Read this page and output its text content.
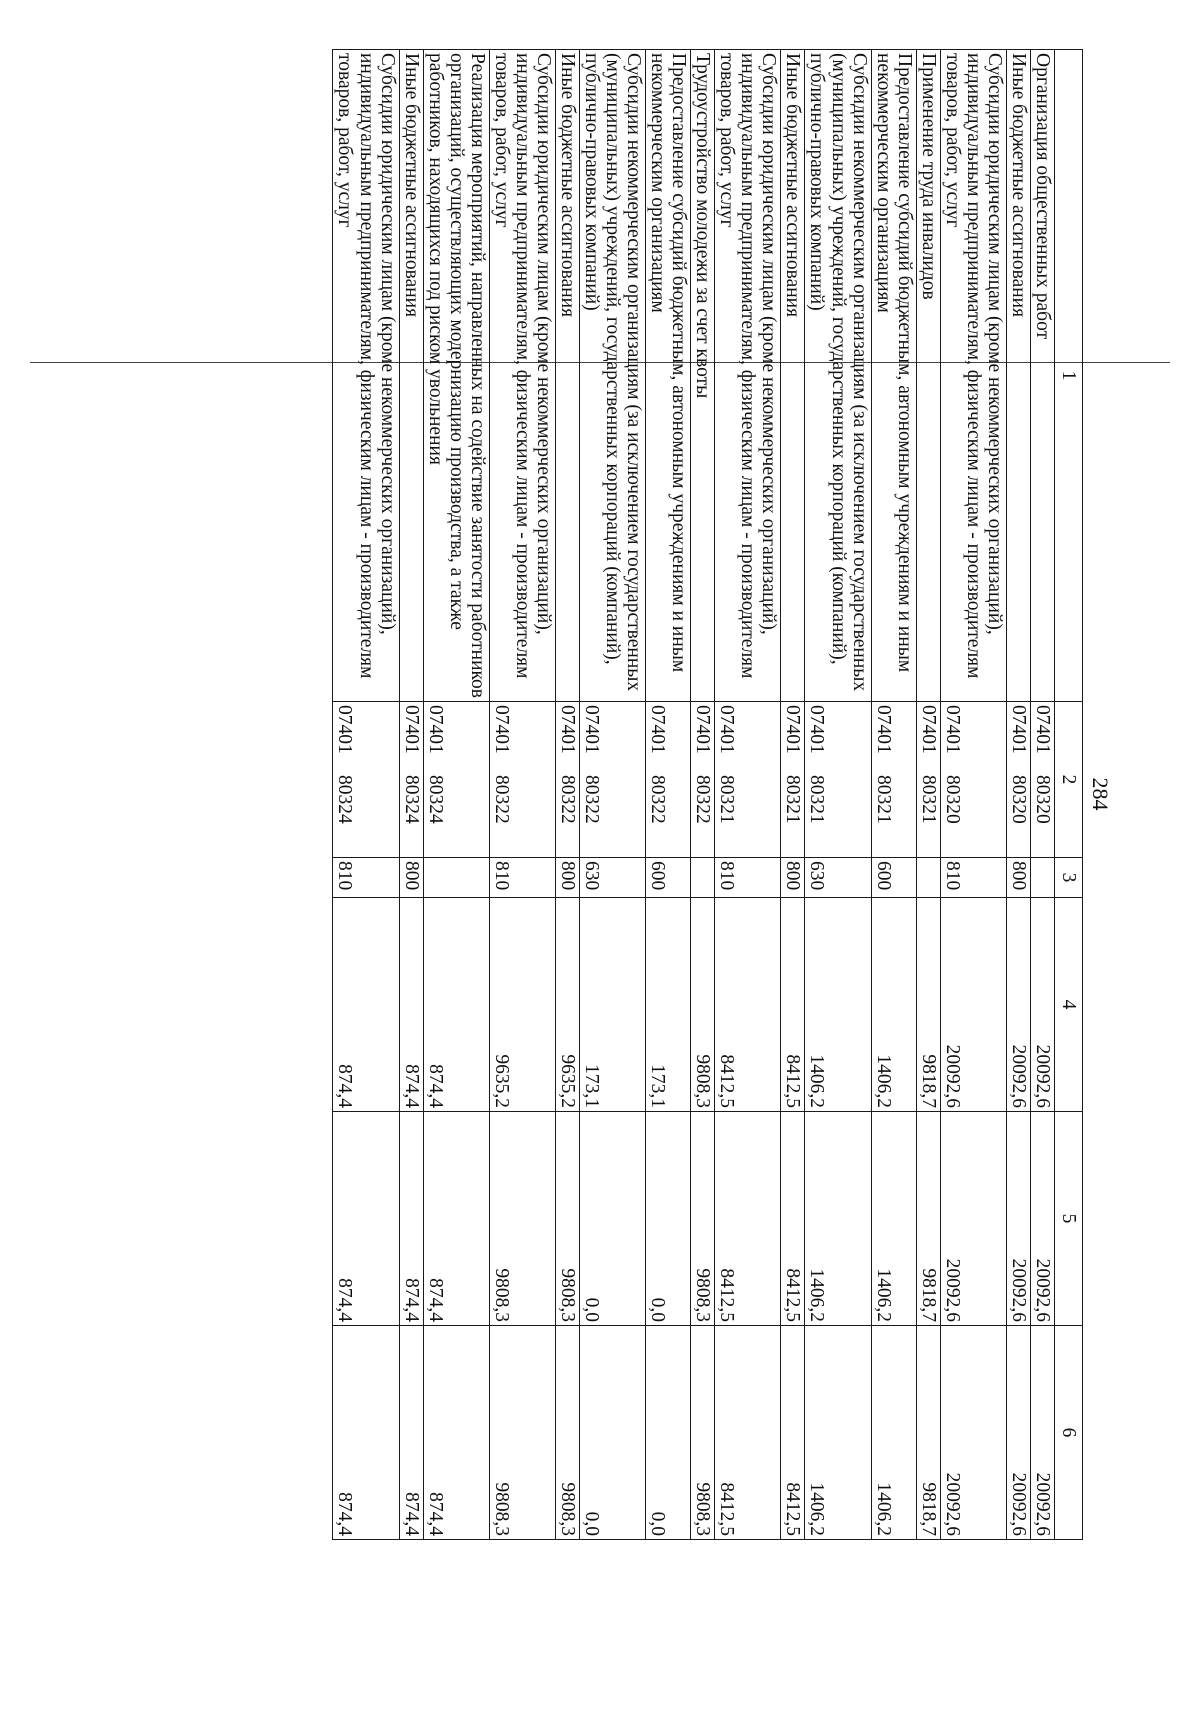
284
1	2	3	4	5	6
Организация общественных работ	0740180320		20092,6	20092,6	20092,6
Иные бюджетные ассигнования	0740180320	800	20092,6	20092,6	20092,6
Субсидии юридическим лицам (кроме некоммерческих организаций), индивидуальным предпринимателям, физическим лицам - производителям товаров, работ, услуг	0740180320	810	20092,6	20092,6	20092,6
Применение труда инвалидов	0740180321		9818,7	9818,7	9818,7
Предоставление субсидий бюджетным, автономным учреждениям и иным некоммерческим организациям	0740180321	600	1406,2	1406,2	1406,2
Субсидии некоммерческим организациям (за исключением государственных (муниципальных) учреждений, государственных корпораций (компаний), публично-правовых компаний)	0740180321	630	1406,2	1406,2	1406,2
Иные бюджетные ассигнования	0740180321	800	8412,5	8412,5	8412,5
Субсидии юридическим лицам (кроме некоммерческих организаций), индивидуальным предпринимателям, физическим лицам - производителям товаров, работ, услуг	0740180321	810	8412,5	8412,5	8412,5
Трудоустройство молодежи за счет квоты	0740180322		9808,3	9808,3	9808,3
Предоставление субсидий бюджетным, автономным учреждениям и иным некоммерческим организациям	0740180322	600	173,1	0,0	0,0
Субсидии некоммерческим организациям (за исключением государственных (муниципальных) учреждений, государственных корпораций (компаний), публично-правовых компаний)	0740180322	630	173,1	0,0	0,0
Иные бюджетные ассигнования	0740180322	800	9635,2	9808,3	9808,3
Субсидии юридическим лицам (кроме некоммерческих организаций), индивидуальным предпринимателям, физическим лицам - производителям товаров, работ, услуг	0740180322	810	9635,2	9808,3	9808,3
Реализация мероприятий, направленных на содействие занятости работников организаций, осуществляющих модернизацию производства, а также работников, находящихся под риском увольнения	0740180324		874,4	874,4	874,4
Иные бюджетные ассигнования	0740180324	800	874,4	874,4	874,4
Субсидии юридическим лицам (кроме некоммерческих организаций), индивидуальным предпринимателям, физическим лицам - производителям товаров, работ, услуг	0740180324	810	874,4	874,4	874,4
